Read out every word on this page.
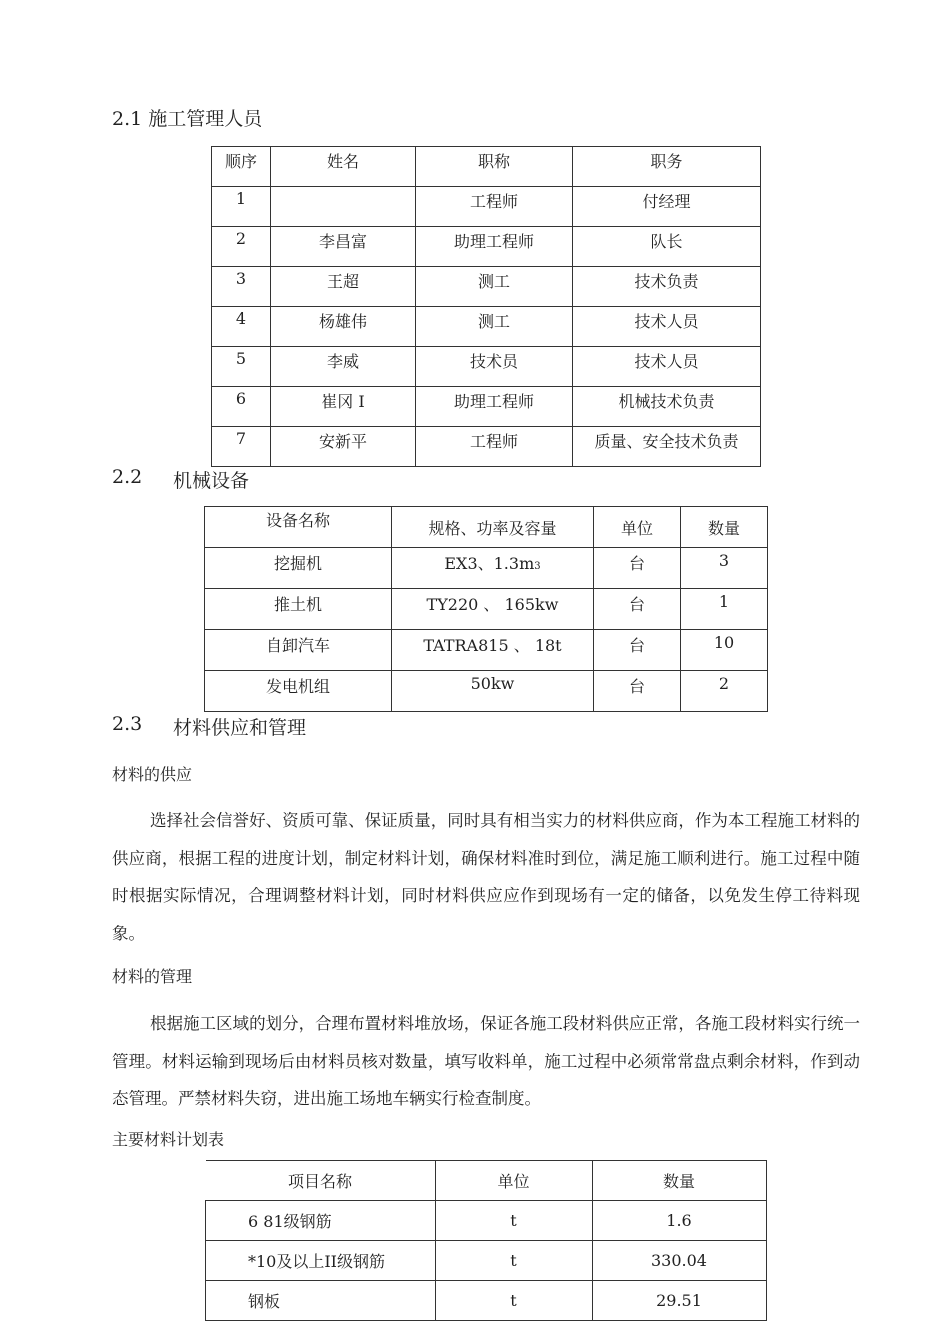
2.1 施工管理人员
顺序	姓名	职称	职务
1		工程师	付经理
2	李昌富	助理工程师	队长
3	王超	测工	技术负责
4	杨雄伟	测工	技术人员
5	李威	技术员	技术人员
6	崔冈 I	助理工程师	机械技术负责
7	安新平	工程师	质量、安全技术负责
2.2 机械设备
设备名称	规格、功率及容量	单位	数量
挖掘机	EX3、1.3m3	台	3
推土机	TY220 、 165kw	台	1
自卸汽车	TATRA815 、 18t	台	10
发电机组	50kw	台	2
2.3 材料供应和管理
材料的供应
选择社会信誉好、资质可靠、保证质量，同时具有相当实力的材料供应商，作为本工程施工材料的供应商，根据工程的进度计划，制定材料计划，确保材料准时到位，满足施工顺利进行。施工过程中随时根据实际情况，合理调整材料计划，同时材料供应应作到现场有一定的储备，以免发生停工待料现象。
材料的管理
根据施工区域的划分，合理布置材料堆放场，保证各施工段材料供应正常，各施工段材料实行统一管理。材料运输到现场后由材料员核对数量，填写收料单，施工过程中必须常常盘点剩余材料，作到动态管理。严禁材料失窃，进出施工场地车辆实行检查制度。
主要材料计划表
项目名称	单位	数量
6 81级钢筋	t	1.6
*10及以上II级钢筋	t	330.04
钢板	t	29.51
